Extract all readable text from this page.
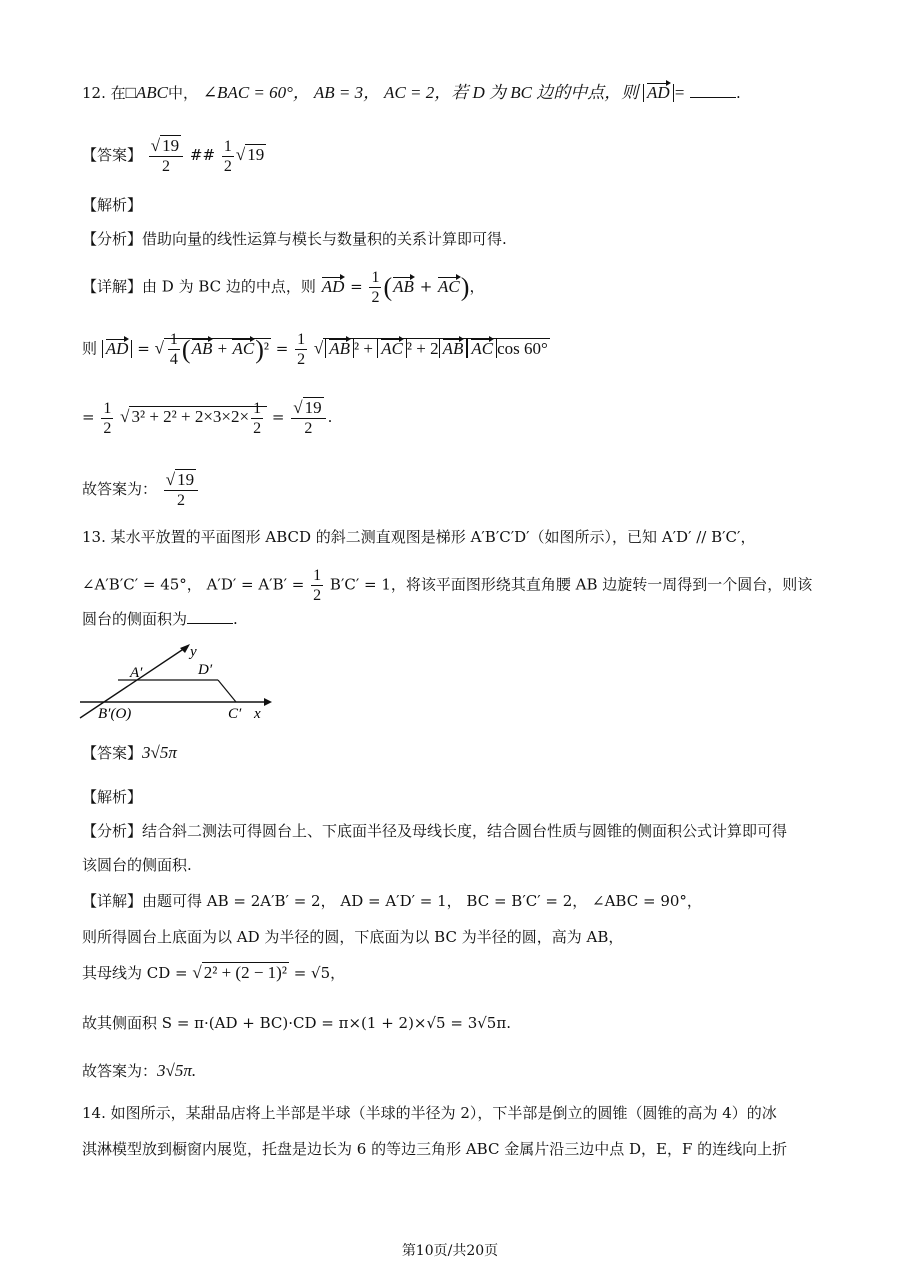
12. 在□ABC中， ∠BAC = 60°， AB = 3， AC = 2，若 D 为 BC 边的中点，则 AD =	.
【答案】 $\frac{√ 19}{2}$ ## $\frac{1}{2}$ √ 19
【解析】
【分析】借助向量的线性运算与模长与数量积的关系计算即可得.
【详解】由 D 为 BC 边的中点，则 AD = $\frac{1}{2} (AB + AC)$，
则 AD = √ $\frac{1}{4} (AB + AC)^2 = \frac{1}{2}$ √ AB ² + AC ² + 2 AB AC cos 60°
= $\frac{1}{2}$ √ $3^2 + 2^2 + 2\times 3\times 2\times \frac{1}{2} = \frac{√ 19}{2}$ .
故答案为： $\frac{√ 19}{2}$
13. 某水平放置的平面图形 ABCD 的斜二测直观图是梯形 A′B′C′D′（如图所示），已知 A′D′ // B′C′，
∠A′B′C′ = 45°， $A'D' = A'B' = \frac{1}{2} B'C' = 1$，将该平面图形绕其直角腰 AB 边旋转一周得到一个圆台，则该
圆台的侧面积为	.
A′	D′
B′(O)	C′ x
y
【答案】3√5π
【解析】
【分析】结合斜二测法可得圆台上、下底面半径及母线长度，结合圆台性质与圆锥的侧面积公式计算即可得
该圆台的侧面积.
【详解】由题可得 AB = 2A′B′ = 2， AD = A′D′ = 1， BC = B′C′ = 2， ∠ABC = 90°，
则所得圆台上底面为以 AD 为半径的圆，下底面为以 BC 为半径的圆，高为 AB，
其母线为 CD = √ 2² + (2 − 1)² = √5，
故其侧面积 S = π·(AD + BC)·CD = π×(1 + 2)×√5 = 3√5π.
故答案为：3√5π.
14. 如图所示，某甜品店将上半部是半球（半球的半径为 2），下半部是倒立的圆锥（圆锥的高为 4）的冰
淇淋模型放到橱窗内展览，托盘是边长为 6 的等边三角形 ABC 金属片沿三边中点 D，E，F 的连线向上折
第10页/共20页
